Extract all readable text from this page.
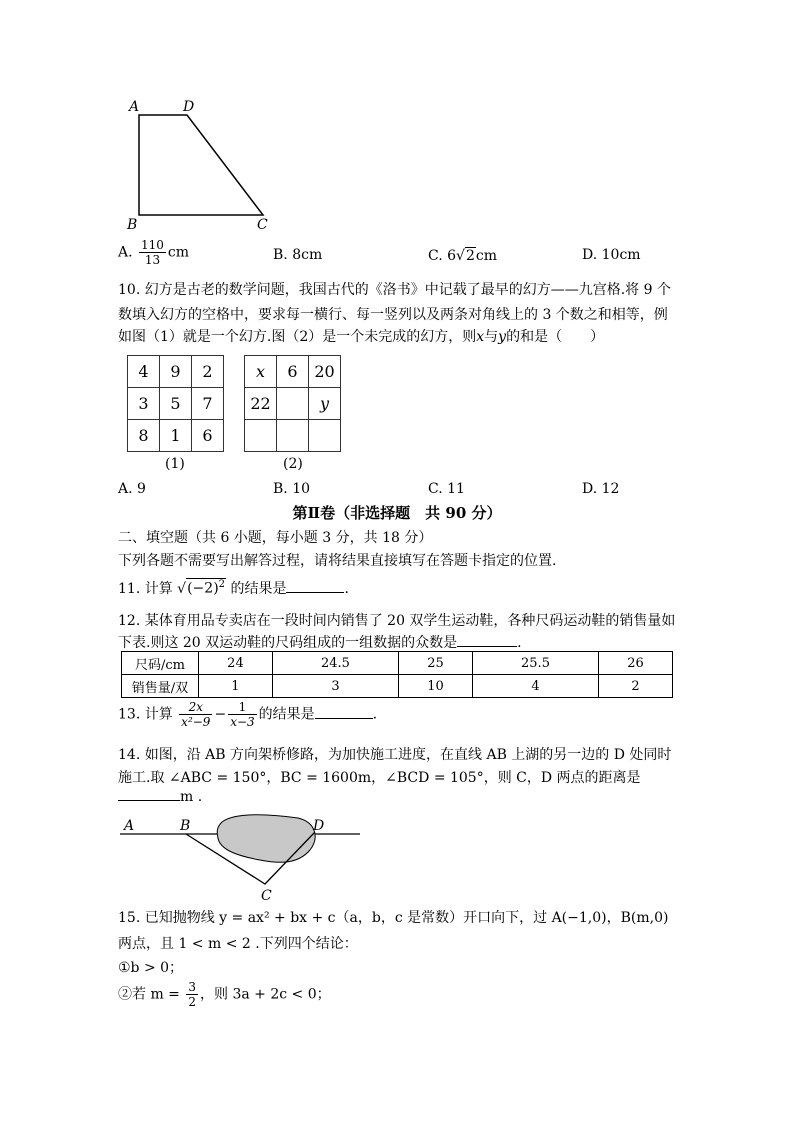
A	D
B	C
A. $\frac{110}{13}$ cm	B. 8cm	C. 6√2cm	D. 10cm
10. 幻方是古老的数学问题，我国古代的《洛书》中记载了最早的幻方——九宫格.将 9 个
数填入幻方的空格中，要求每一横行、每一竖列以及两条对角线上的 3 个数之和相等，例
如图（1）就是一个幻方.图（2）是一个未完成的幻方，则x与y的和是（　　）
4	9	2
3	5	7
8	1	6
(1)
x	6	20
22		y

(2)
A. 9	B. 10	C. 11	D. 12
第Ⅱ卷（非选择题　共 90 分）
二、填空题（共 6 小题，每小题 3 分，共 18 分）
下列各题不需要写出解答过程，请将结果直接填写在答题卡指定的位置.
11. 计算 $√(-2)^2$ 的结果是	.
12. 某体育用品专卖店在一段时间内销售了 20 双学生运动鞋，各种尺码运动鞋的销售量如
下表.则这 20 双运动鞋的尺码组成的一组数据的众数是	.
尺码/cm	24	24.5	25	25.5	26
销售量/双	1	3	10	4	2
13. 计算 $\frac{2x}{\text{x²−9}} - \frac{1}{x-3}$ 的结果是	.
14. 如图，沿 AB 方向架桥修路，为加快施工进度，在直线 AB 上湖的另一边的 D 处同时
施工.取 ∠ABC = 150°，BC = 1600m，∠BCD = 105°，则 C，D 两点的距离是
m .
A	B	D
C
15. 已知抛物线 y = ax² + bx + c（a，b，c 是常数）开口向下，过 A(−1,0)，B(m,0)
两点，且 1 < m < 2 .下列四个结论：
①b > 0；
②若 $m = \frac{3}{2}$ ，则 3a + 2c < 0；
